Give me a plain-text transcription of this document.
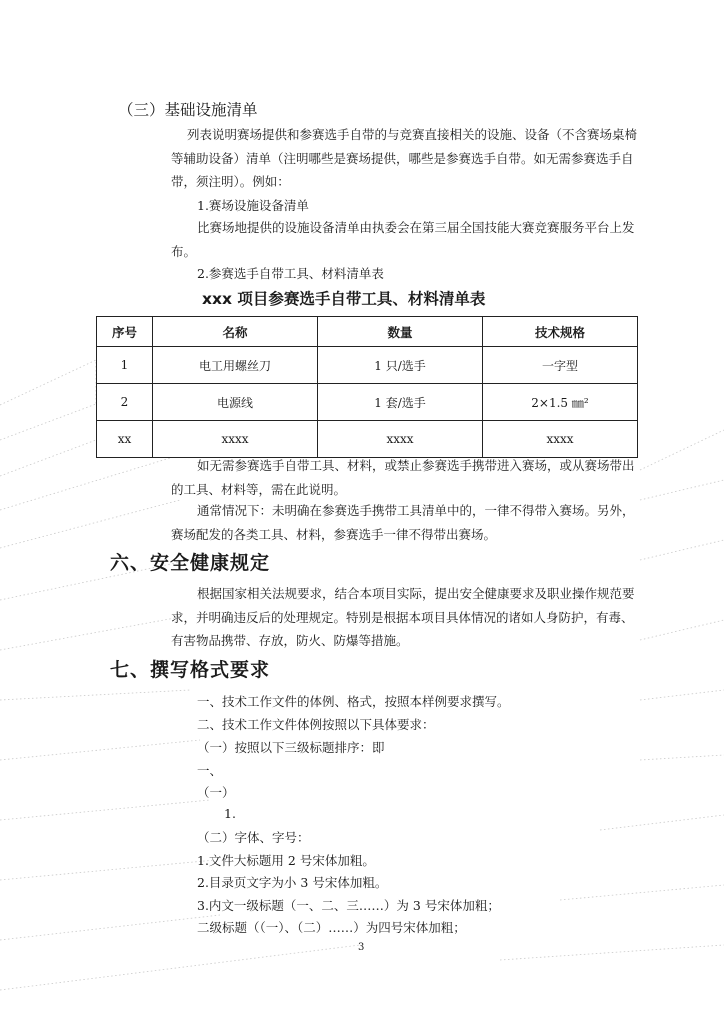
（三）基础设施清单
列表说明赛场提供和参赛选手自带的与竞赛直接相关的设施、设备（不含赛场桌椅等辅助设备）清单（注明哪些是赛场提供，哪些是参赛选手自带。如无需参赛选手自带，须注明）。例如：
1.赛场设施设备清单
比赛场地提供的设施设备清单由执委会在第三届全国技能大赛竞赛服务平台上发布。
2.参赛选手自带工具、材料清单表
xxx 项目参赛选手自带工具、材料清单表
序号	名称	数量	技术规格
1	电工用螺丝刀	1 只/选手	一字型
2	电源线	1 套/选手	2×1.5 ㎜²
xx	xxxx	xxxx	xxxx
如无需参赛选手自带工具、材料，或禁止参赛选手携带进入赛场，或从赛场带出的工具、材料等，需在此说明。
通常情况下：未明确在参赛选手携带工具清单中的，一律不得带入赛场。另外，赛场配发的各类工具、材料，参赛选手一律不得带出赛场。
六、安全健康规定
根据国家相关法规要求，结合本项目实际，提出安全健康要求及职业操作规范要求，并明确违反后的处理规定。特别是根据本项目具体情况的诸如人身防护，有毒、有害物品携带、存放，防火、防爆等措施。
七、撰写格式要求
一、技术工作文件的体例、格式，按照本样例要求撰写。
二、技术工作文件体例按照以下具体要求：
（一）按照以下三级标题排序：即
一、
（一）
1.
（二）字体、字号：
1.文件大标题用 2 号宋体加粗。
2.目录页文字为小 3 号宋体加粗。
3.内文一级标题（一、二、三……）为 3 号宋体加粗；
二级标题（（一）、（二）……）为四号宋体加粗；
3
